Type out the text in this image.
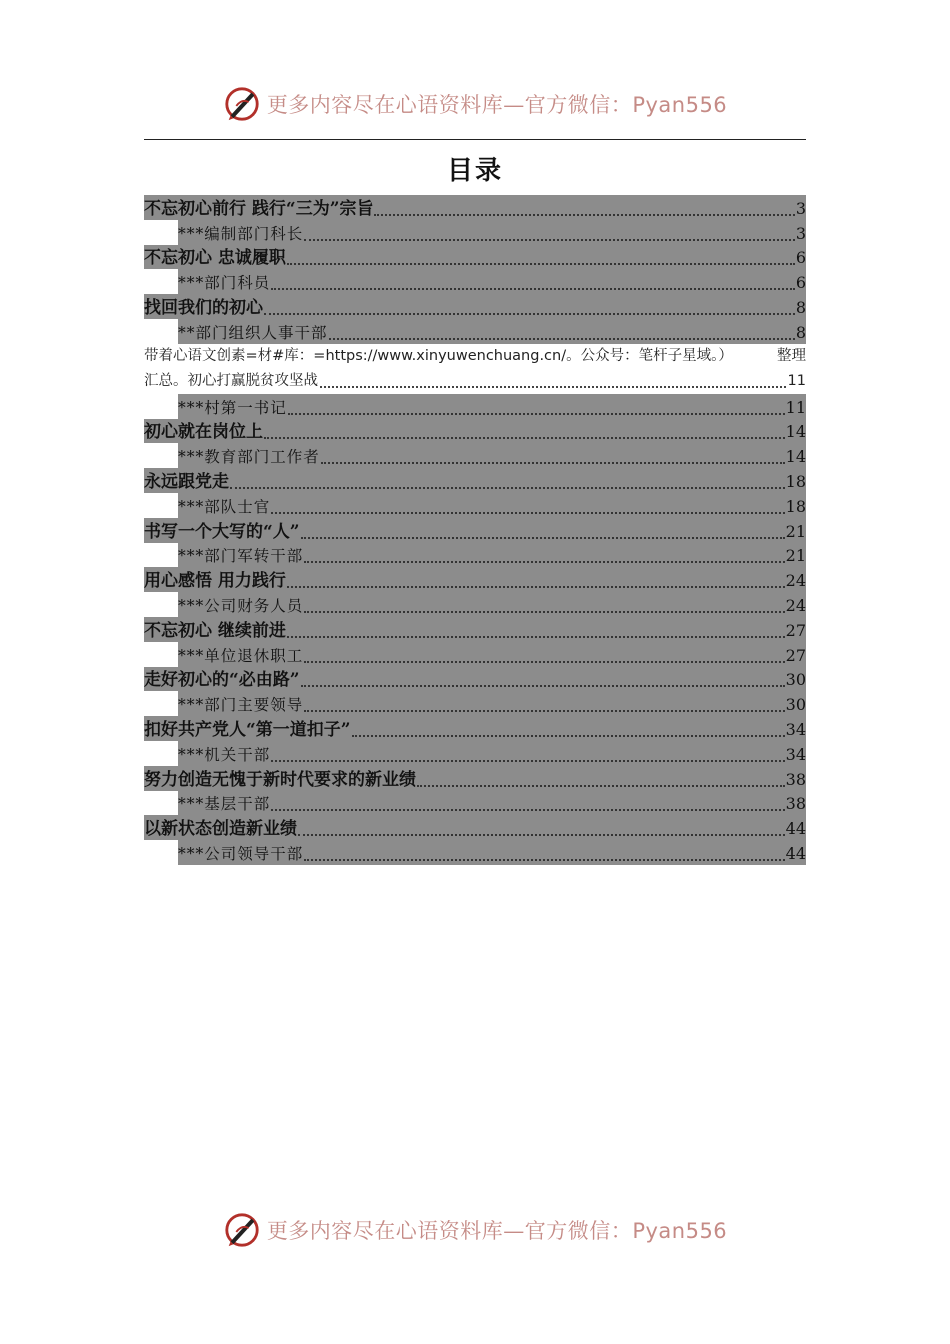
更多内容尽在心语资料库—官方微信：Pyan556
目录
不忘初心前行 践行“三为”宗旨	3
***编制部门科长	3
不忘初心 忠诚履职	6
***部门科员	6
找回我们的初心	8
**部门组织人事干部	8
带着心语文创素=材#库：=https://www.xinyuwenchuang.cn/。公众号：笔杆子星域。）	整理
汇总。初心打赢脱贫攻坚战	11
***村第一书记	11
初心就在岗位上	14
***教育部门工作者	14
永远跟党走	18
***部队士官	18
书写一个大写的“人”	21
***部门军转干部	21
用心感悟 用力践行	24
***公司财务人员	24
不忘初心 继续前进	27
***单位退休职工	27
走好初心的“必由路”	30
***部门主要领导	30
扣好共产党人“第一道扣子”	34
***机关干部	34
努力创造无愧于新时代要求的新业绩	38
***基层干部	38
以新状态创造新业绩	44
***公司领导干部	44
更多内容尽在心语资料库—官方微信：Pyan556
